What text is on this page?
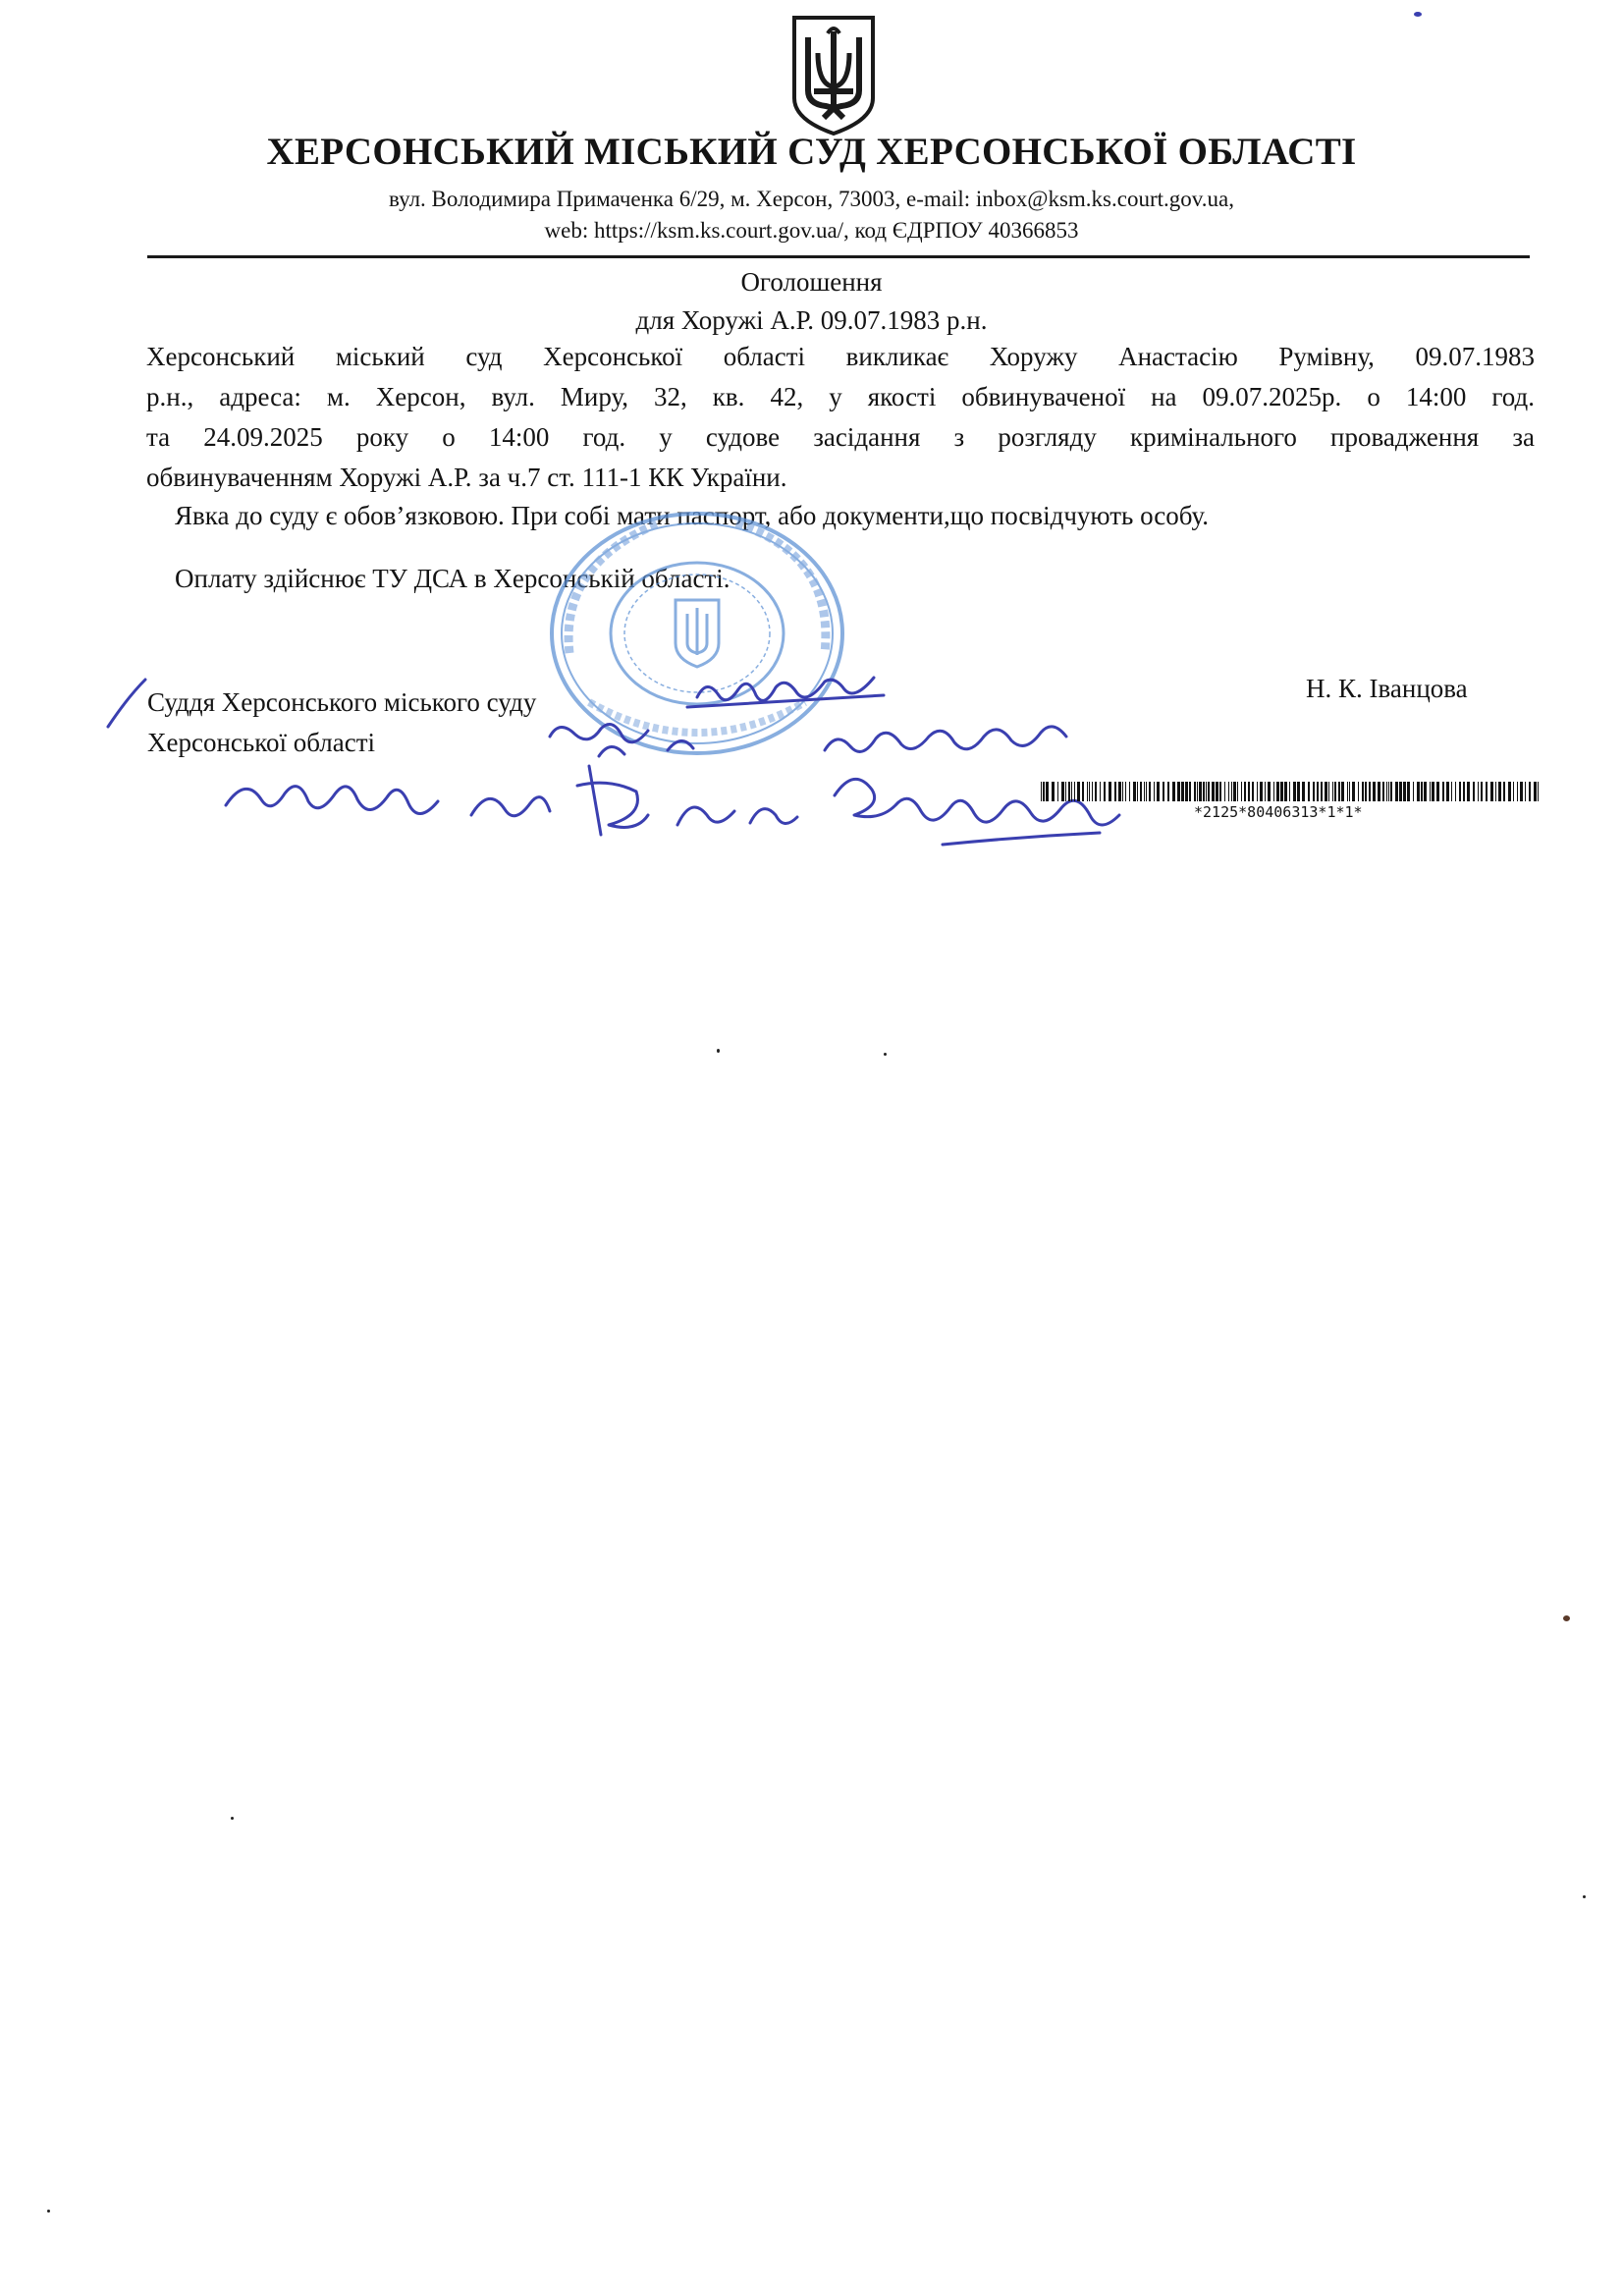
ХЕРСОНСЬКИЙ МІСЬКИЙ СУД ХЕРСОНСЬКОЇ ОБЛАСТІ
вул. Володимира Примаченка 6/29, м. Херсон, 73003, e-mail: inbox@ksm.ks.court.gov.ua,
web: https://ksm.ks.court.gov.ua/, код ЄДРПОУ 40366853
Оголошення
для Хоружі А.Р. 09.07.1983 р.н.
Херсонський міський суд Херсонської області викликає Хоружу Анастасію Румівну, 09.07.1983
р.н., адреса: м. Херсон, вул. Миру, 32, кв. 42, у якості обвинуваченої на 09.07.2025р. о 14:00 год.
та 24.09.2025 року о 14:00 год. у судове засідання з розгляду кримінального провадження за
обвинуваченням Хоружі А.Р. за ч.7 ст. 111-1 КК України.
Явка до суду є обов’язковою. При собі мати паспорт, або документи,що посвідчують особу.
Оплату здійснює ТУ ДСА в Херсонській області.
Суддя Херсонського міського суду
Херсонської області
Н. К. Іванцова
*2125*80406313*1*1*
